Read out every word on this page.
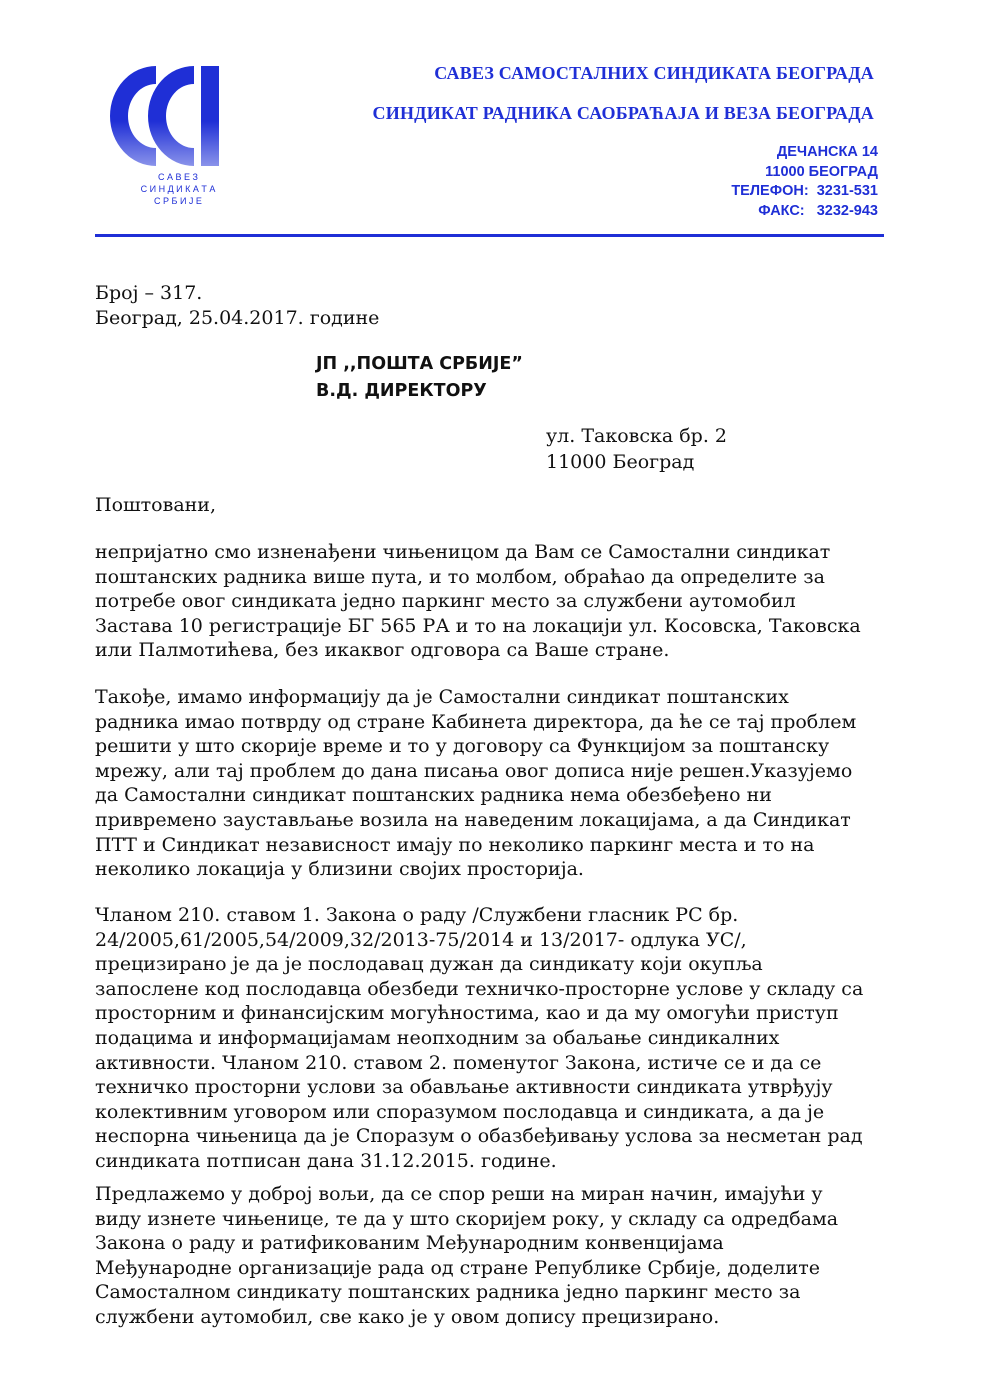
С А В Е З
С И Н Д И К А Т А
С Р Б И Ј Е
САВЕЗ САМОСТАЛНИХ СИНДИКАТА БЕОГРАДА
СИНДИКАТ РАДНИКА САОБРАЋАЈА И ВЕЗА БЕОГРАДА
ДЕЧАНСКА 14
11000 БЕОГРАД
ТЕЛЕФОН:  3231-531
ФАКС:   3232-943
Број – 317.
Београд, 25.04.2017. године
ЈП ,,ПОШТА СРБИЈЕ”
В.Д. ДИРЕКТОРУ
ул. Таковска бр. 2
11000 Београд
Поштовани,
непријатно смо изненађени чињеницом да Вам се Самостални синдикат
поштанских радника више пута, и то молбом, обраћао да определите за
потребе овог синдиката једно паркинг место за службени аутомобил
Застава 10 регистрације БГ 565 РА и то на локацији ул. Косовска, Таковска
или Палмотићева, без икаквог одговора са Ваше стране.
Такође, имамо информацију да је Самостални синдикат поштанских
радника имао потврду од стране Кабинета директора, да ће се тај проблем
решити у што скорије време и то у договору са Функцијом за поштанску
мрежу, али тај проблем до дана писања овог дописа није решен.Указујемо
да Самостални синдикат поштанских радника нема обезбеђено ни
привремено заустављање возила на наведеним локацијама, а да Синдикат
ПТТ и Синдикат независност имају по неколико паркинг места и то на
неколико локација у близини својих просторија.
Чланом 210. ставом 1. Закона о раду /Службени гласник РС бр.
24/2005,61/2005,54/2009,32/2013-75/2014 и 13/2017- одлука УС/,
прецизирано је да је послодавац дужан да синдикату који окупља
запослене код послодавца обезбеди техничко-просторне услове у складу са
просторним и финансијским могућностима, као и да му омогући приступ
подацима и информацијамам неопходним за обаљање синдикалних
активности. Чланом 210. ставом 2. поменутог Закона, истиче се и да се
техничко просторни услови за обављање активности синдиката утврђују
колективним уговором или споразумом послодавца и синдиката, а да је
неспорна чињеница да је Споразум о обазбеђивању услова за несметан рад
синдиката потписан дана 31.12.2015. године.
Предлажемо у доброј вољи, да се спор реши на миран начин, имајући у
виду изнете чињенице, те да у што скоријем року, у складу са одредбама
Закона о раду и ратификованим Међународним конвенцијама
Међународне организације рада од стране Републике Србије, доделите
Самосталном синдикату поштанских радника једно паркинг место за
службени аутомобил, све како је у овом допису прецизирано.
